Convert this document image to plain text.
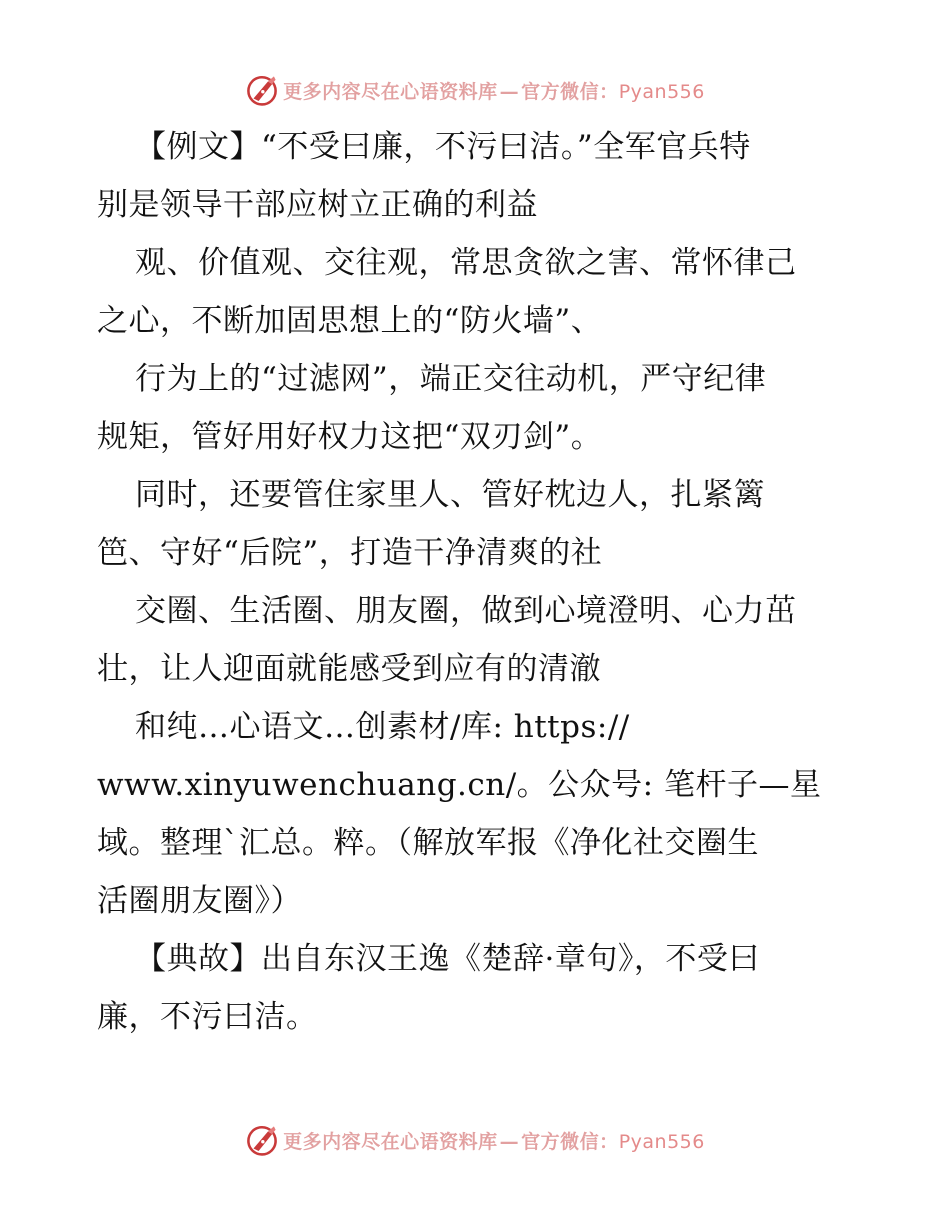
更多内容尽在心语资料库 — 官方微信：Pyan556
【例文】“不受曰廉，不污曰洁。”全军官兵特
别是领导干部应树立正确的利益
观、价值观、交往观，常思贪欲之害、常怀律己
之心，不断加固思想上的“防火墙”、
行为上的“过滤网”，端正交往动机，严守纪律
规矩，管好用好权力这把“双刃剑”。
同时，还要管住家里人、管好枕边人，扎紧篱
笆、守好“后院”，打造干净清爽的社
交圈、生活圈、朋友圈，做到心境澄明、心力茁
壮，让人迎面就能感受到应有的清澈
和纯…心语文…创素材/库: https://
www.xinyuwenchuang.cn/。公众号: 笔杆子—星
域。整理`汇总。粹。（解放军报《净化社交圈生
活圈朋友圈》）
【典故】出自东汉王逸《楚辞·章句》，不受曰
廉，不污曰洁。
更多内容尽在心语资料库 — 官方微信：Pyan556
